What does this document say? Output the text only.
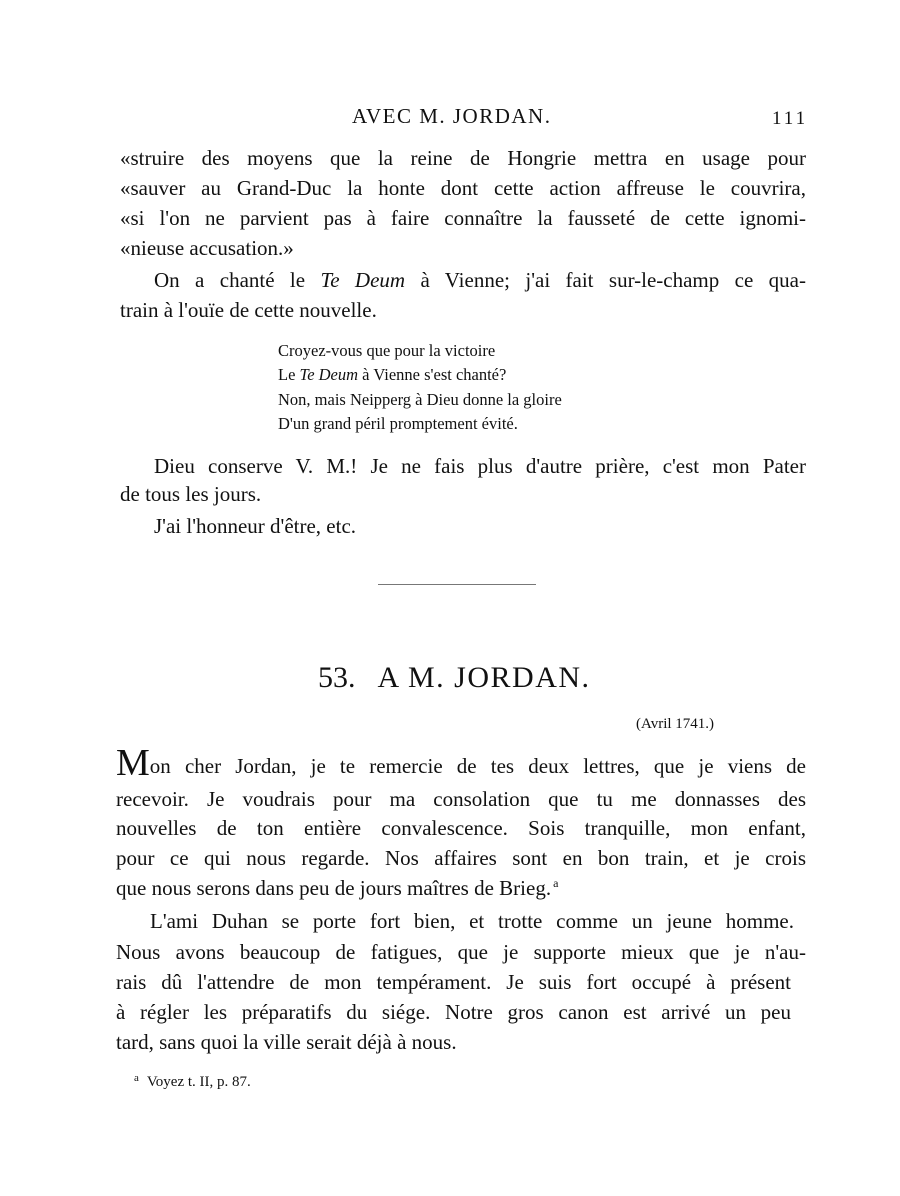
AVEC M. JORDAN.	111
«struire des moyens que la reine de Hongrie mettra en usage pour
«sauver au Grand-Duc la honte dont cette action affreuse le couvrira,
«si l'on ne parvient pas à faire connaître la fausseté de cette ignomi-
«nieuse accusation.»
On a chanté le Te Deum à Vienne; j'ai fait sur-le-champ ce qua-
train à l'ouïe de cette nouvelle.
Croyez-vous que pour la victoire
Le Te Deum à Vienne s'est chanté?
Non, mais Neipperg à Dieu donne la gloire
D'un grand péril promptement évité.
Dieu conserve V. M.! Je ne fais plus d'autre prière, c'est mon Pater
de tous les jours.
J'ai l'honneur d'être, etc.
53. A M. JORDAN.
(Avril 1741.)
Mon cher Jordan, je te remercie de tes deux lettres, que je viens de
recevoir. Je voudrais pour ma consolation que tu me donnasses des
nouvelles de ton entière convalescence. Sois tranquille, mon enfant,
pour ce qui nous regarde. Nos affaires sont en bon train, et je crois
que nous serons dans peu de jours maîtres de Brieg. $^a$
L'ami Duhan se porte fort bien, et trotte comme un jeune homme.
Nous avons beaucoup de fatigues, que je supporte mieux que je n'au-
rais dû l'attendre de mon tempérament. Je suis fort occupé à présent
à régler les préparatifs du siége. Notre gros canon est arrivé un peu
tard, sans quoi la ville serait déjà à nous.
$^a$ Voyez t. II, p. 87.
